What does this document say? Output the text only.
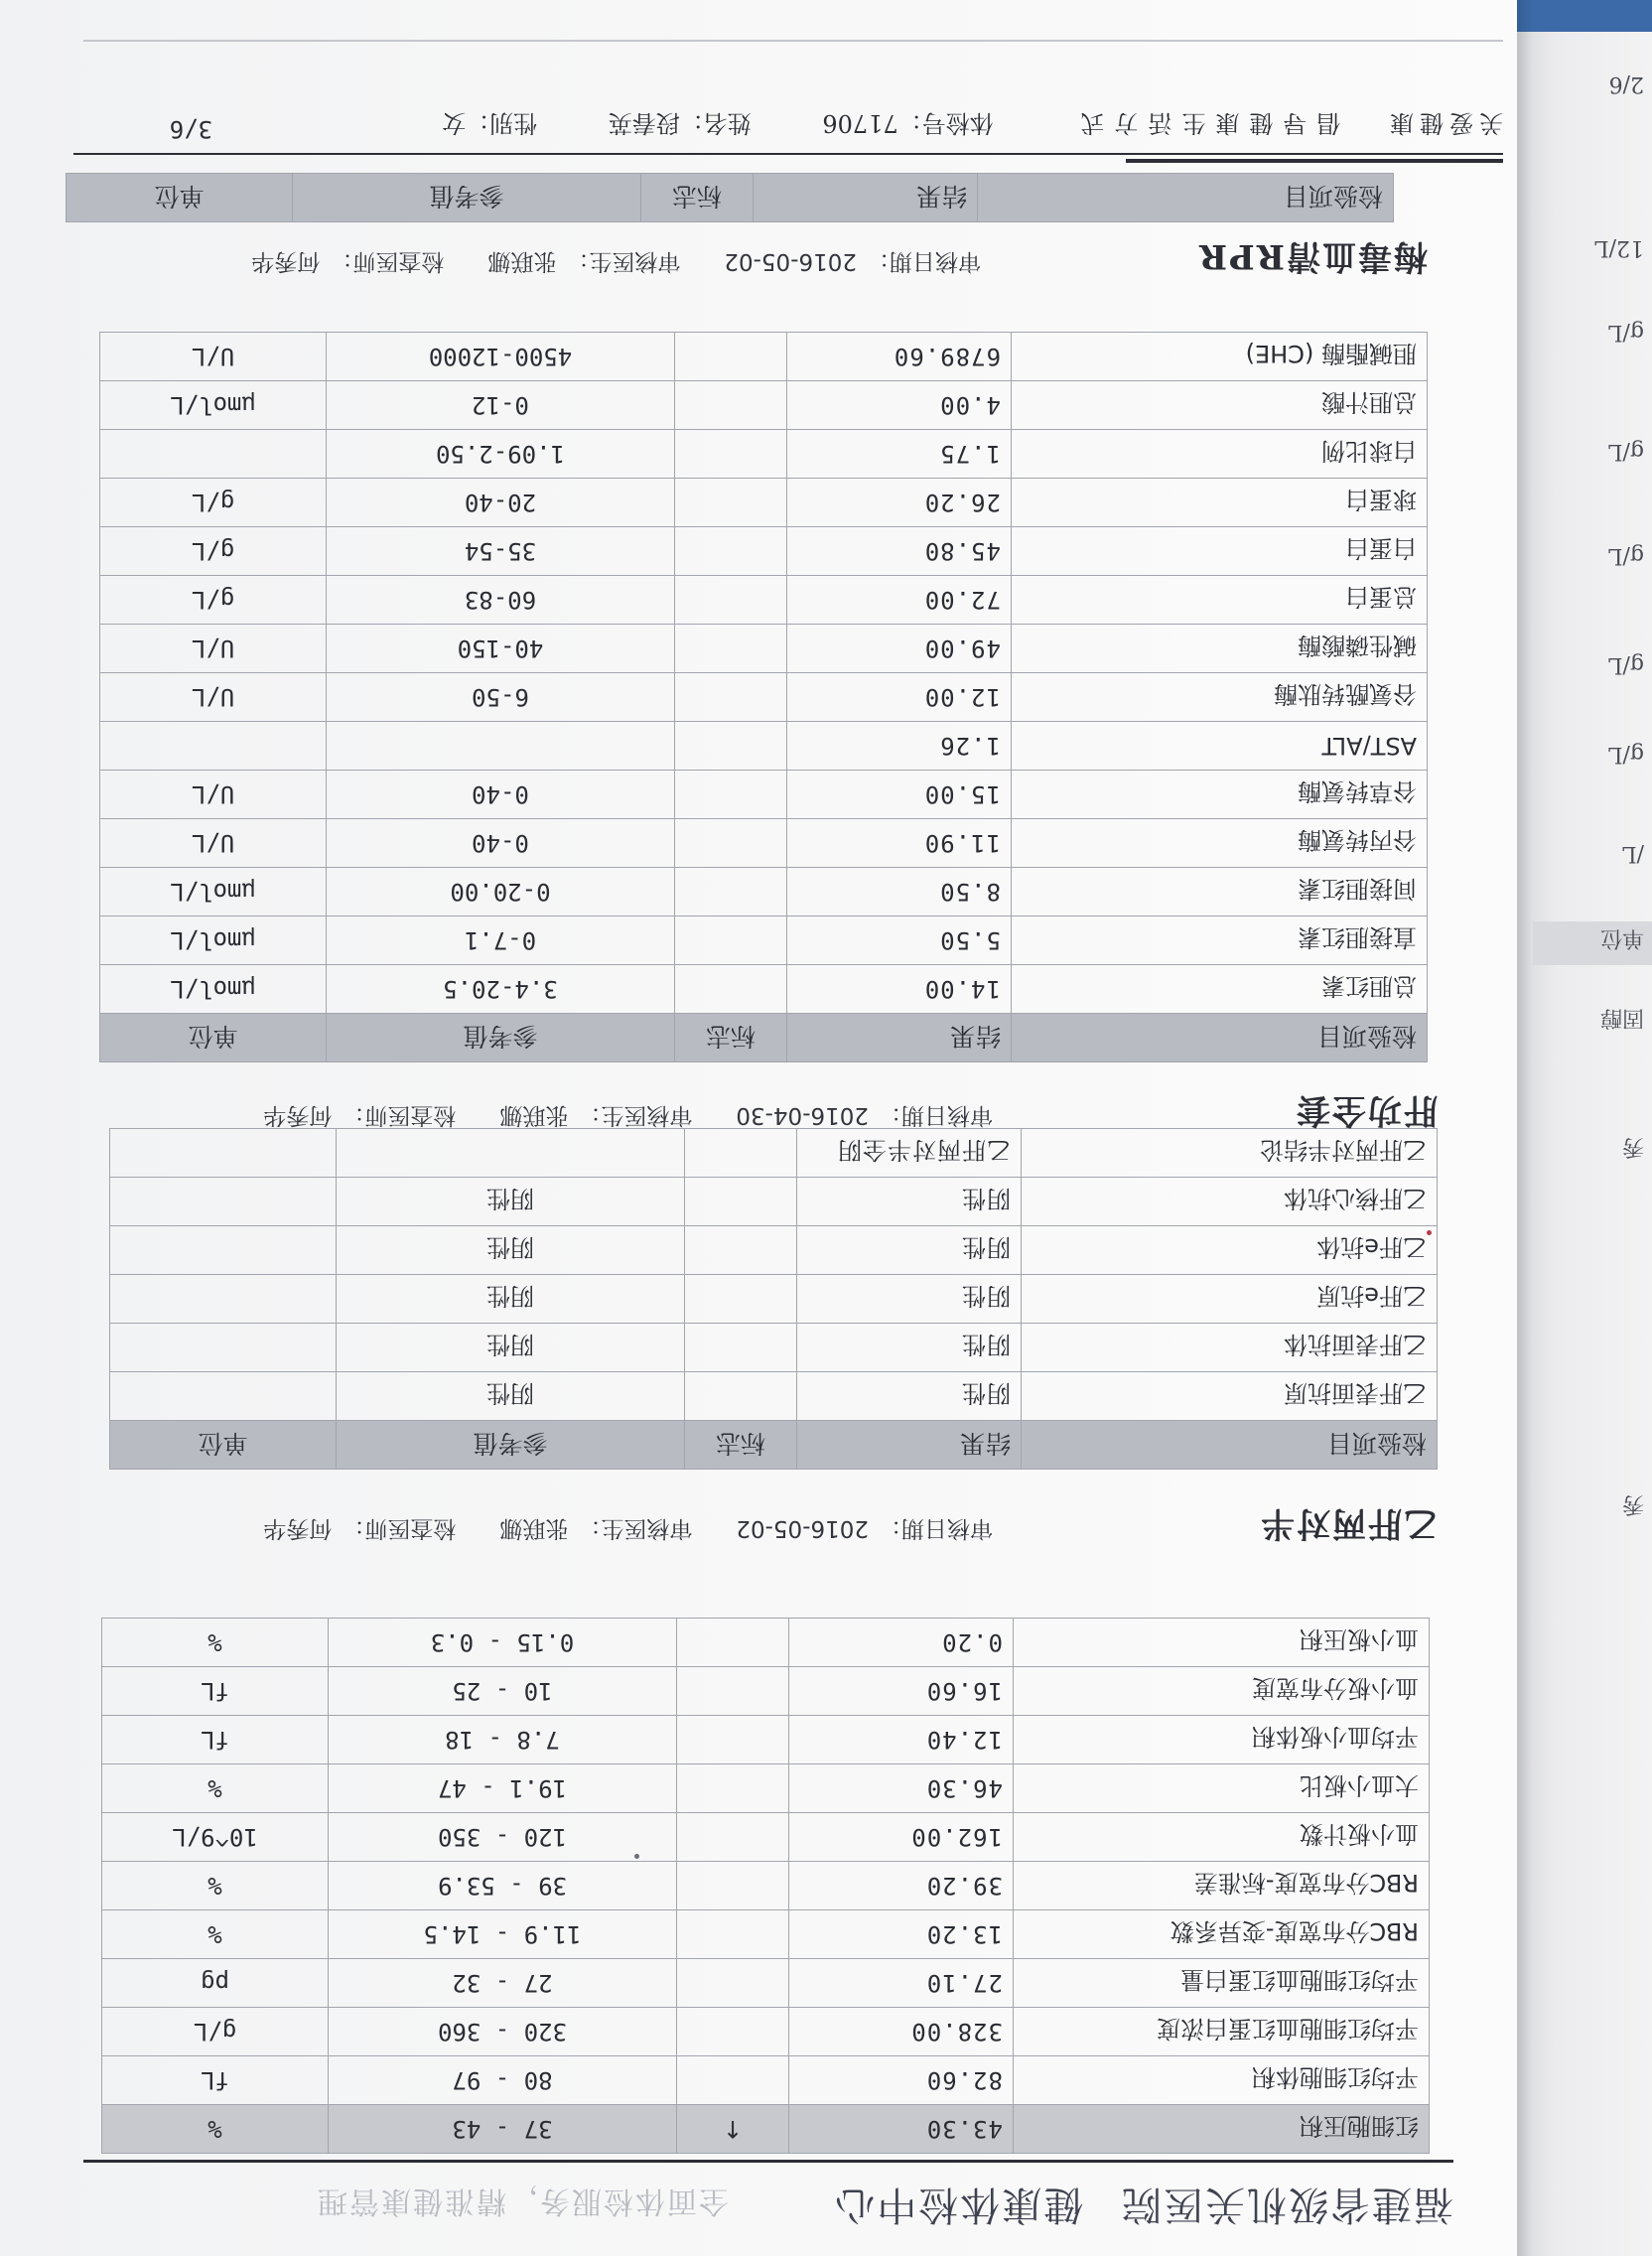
2/6
12/L
g/L
g/L
g/L
g/L
g/L
/L
单位
固醇
秀
秀
福建省级机关医院 健康体检中心
全面体检服务，精准健康管理
红细胞压积	43.30	↑	37 - 43	%
平均红细胞体积	82.60		80 - 97	fL
平均红细胞血红蛋白浓度	328.00		320 - 360	g/L
平均红细胞血红蛋白量	27.10		27 - 32	pg
RBC分布宽度-变异系数	13.20		11.9 - 14.5	%
RBC分布宽度-标准差	39.20		39 - 53.9	%
血小板计数	162.00		120 - 350	10^9/L
大血小板比	46.30		19.1 - 47	%
平均血小板体积	12.40		7.8 - 18	fL
血小板分布宽度	16.60		10 - 25	fL
血小板压积	0.20		0.15 - 0.3	%
乙肝两对半
审核日期：2016-05-02审核医生：张联娜检查医师：何秀华
检验项目	结果	标志	参考值	单位
乙肝表面抗原	阴性		阴性	
乙肝表面抗体	阴性		阴性	
乙肝e抗原	阴性		阴性	
乙肝e抗体	阴性		阴性	
乙肝核心抗体	阴性		阴性	
乙肝两对半结论	乙肝两对半全阴			
肝功全套
审核日期：2016-04-30审核医生：张联娜检查医师：何秀华
检验项目	结果	标志	参考值	单位
总胆红素	14.00		3.4-20.5	μmol/L
直接胆红素	5.50		0-7.1	μmol/L
间接胆红素	8.50		0-20.00	μmol/L
谷丙转氨酶	11.90		0-40	U/L
谷草转氨酶	15.00		0-40	U/L
AST/ALT	1.26			
谷氨酰转肽酶	12.00		6-50	U/L
碱性磷酸酶	49.00		40-150	U/L
总蛋白	72.00		60-83	g/L
白蛋白	45.80		35-54	g/L
球蛋白	26.20		20-40	g/L
白球比例	1.75		1.09-2.50	
总胆汁酸	4.00		0-12	μmol/L
胆碱酯酶 (CHE)	6789.60		4500-12000	U/L
梅毒血清RPR
审核日期：2016-05-02审核医生：张联娜检查医师：何秀华
检验项目	结果	标志	参考值	单位
关爱健康 倡导健康生活方式 体检号：71706 姓名：段春英 性别：女
3/6
